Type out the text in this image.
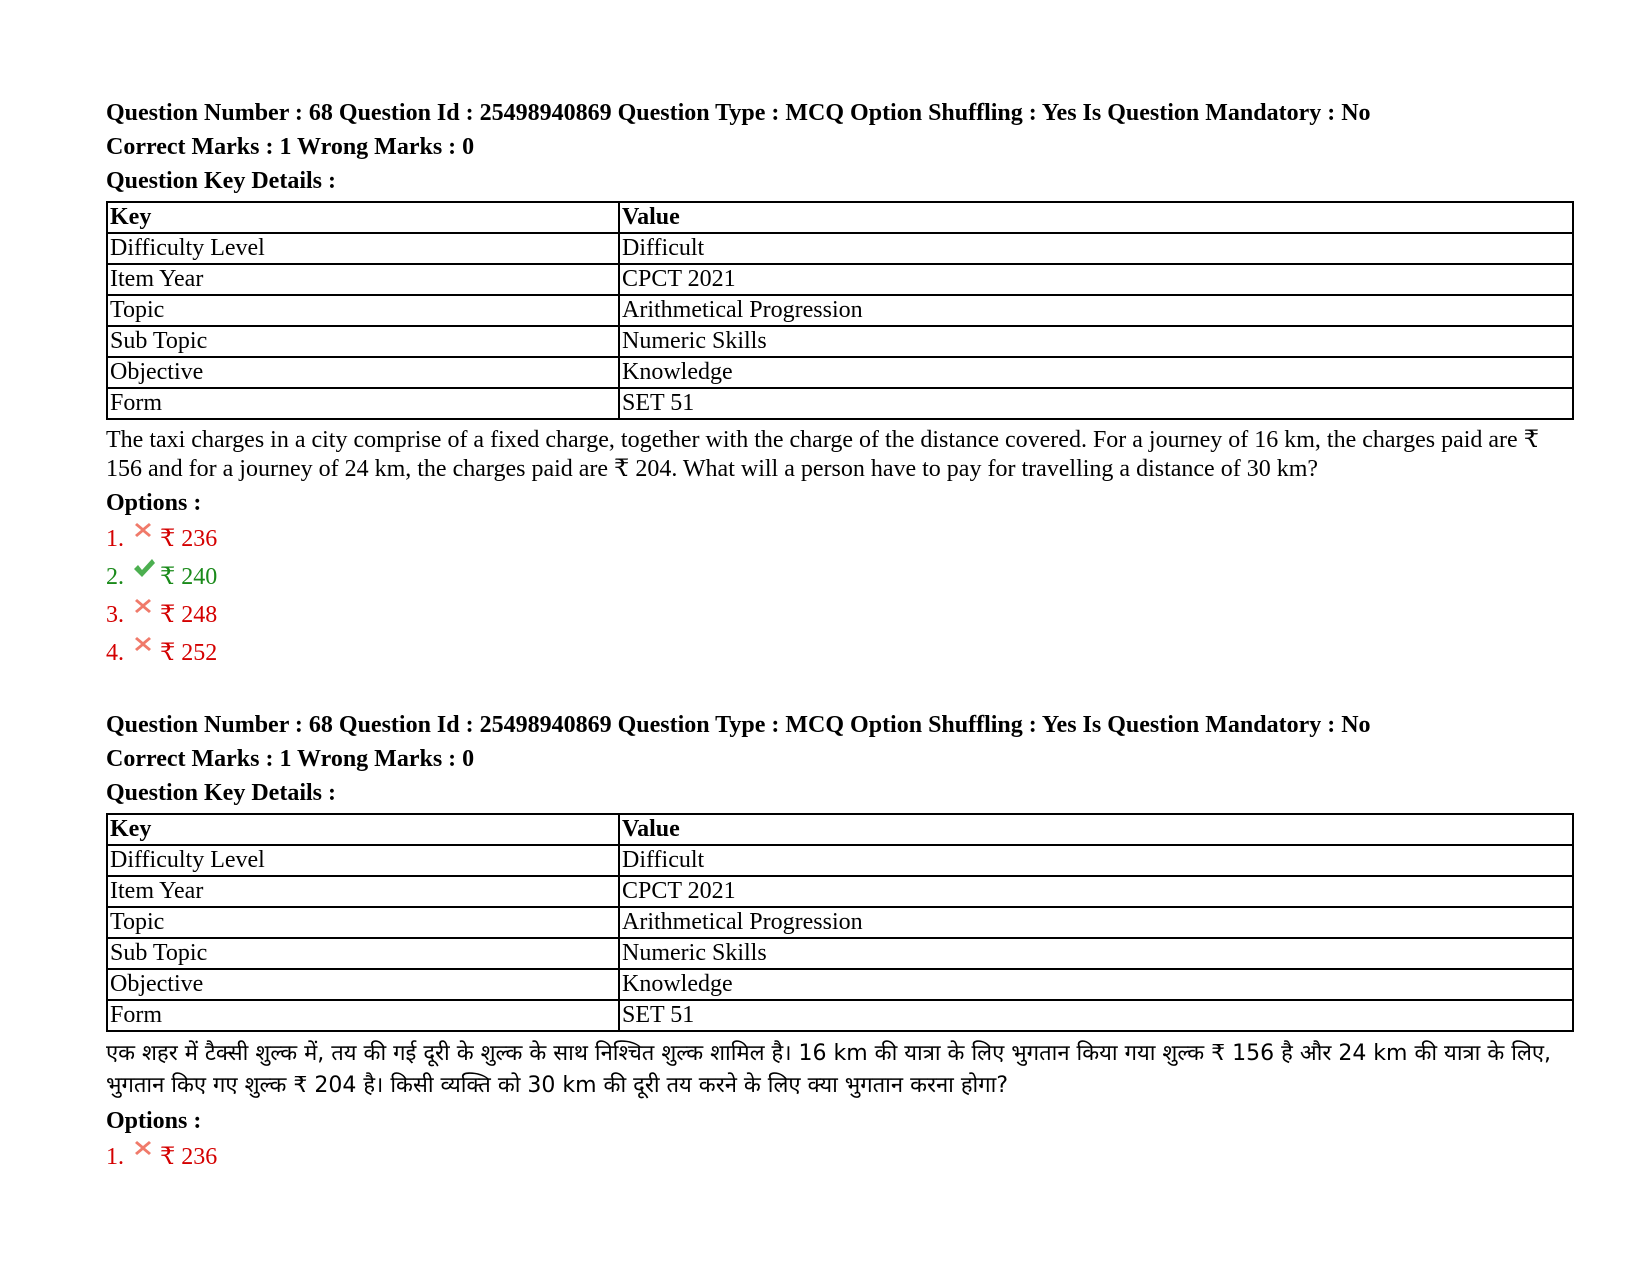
Question Number : 68 Question Id : 25498940869 Question Type : MCQ Option Shuffling : Yes Is Question Mandatory : No
Correct Marks : 1 Wrong Marks : 0
Question Key Details :
Key	Value
Difficulty Level	Difficult
Item Year	CPCT 2021
Topic	Arithmetical Progression
Sub Topic	Numeric Skills
Objective	Knowledge
Form	SET 51
The taxi charges in a city comprise of a fixed charge, together with the charge of the distance covered. For a journey of 16 km, the charges paid are ₹ 156 and for a journey of 24 km, the charges paid are ₹ 204. What will a person have to pay for travelling a distance of 30 km?
Options :
1.	₹ 236
2.	₹ 240
3.	₹ 248
4.	₹ 252
Question Number : 68 Question Id : 25498940869 Question Type : MCQ Option Shuffling : Yes Is Question Mandatory : No
Correct Marks : 1 Wrong Marks : 0
Question Key Details :
Key	Value
Difficulty Level	Difficult
Item Year	CPCT 2021
Topic	Arithmetical Progression
Sub Topic	Numeric Skills
Objective	Knowledge
Form	SET 51
एक शहर में टैक्सी शुल्क में, तय की गई दूरी के शुल्क के साथ निश्चित शुल्क शामिल है। 16 km की यात्रा के लिए भुगतान किया गया शुल्क ₹ 156 है और 24 km की यात्रा के लिए, भुगतान किए गए शुल्क ₹ 204 है। किसी व्यक्ति को 30 km की दूरी तय करने के लिए क्या भुगतान करना होगा?
Options :
1.	₹ 236
